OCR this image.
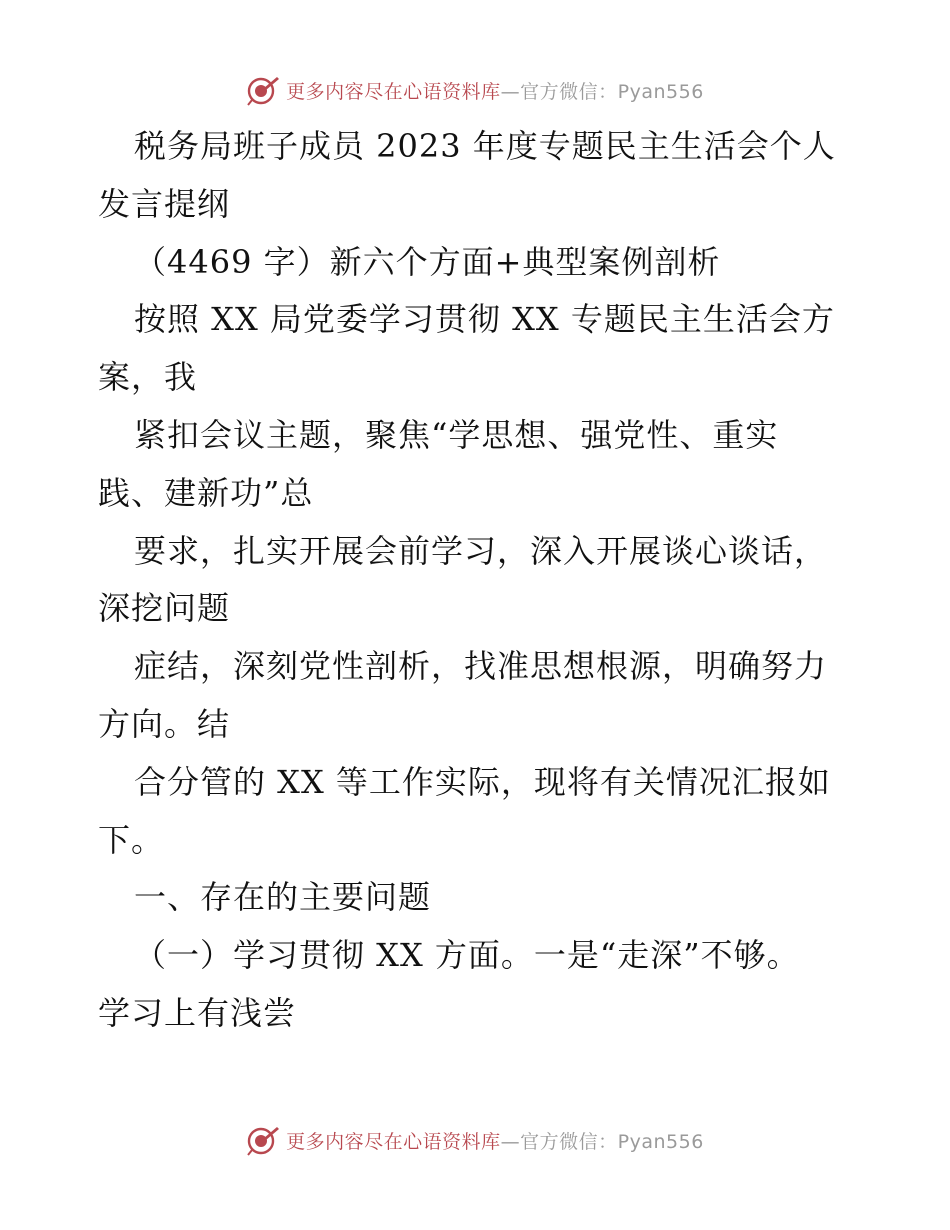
更多内容尽在心语资料库 —官方微信：Pyan556
税务局班子成员 2023 年度专题民主生活会个人
发言提纲
（4469 字）新六个方面+典型案例剖析
按照 XX 局党委学习贯彻 XX 专题民主生活会方
案，我
紧扣会议主题，聚焦“学思想、强党性、重实
践、建新功”总
要求，扎实开展会前学习，深入开展谈心谈话，
深挖问题
症结，深刻党性剖析，找准思想根源，明确努力
方向。结
合分管的 XX 等工作实际，现将有关情况汇报如
下。
一、存在的主要问题
（一）学习贯彻 XX 方面。一是“走深”不够。
学习上有浅尝
更多内容尽在心语资料库 —官方微信：Pyan556
